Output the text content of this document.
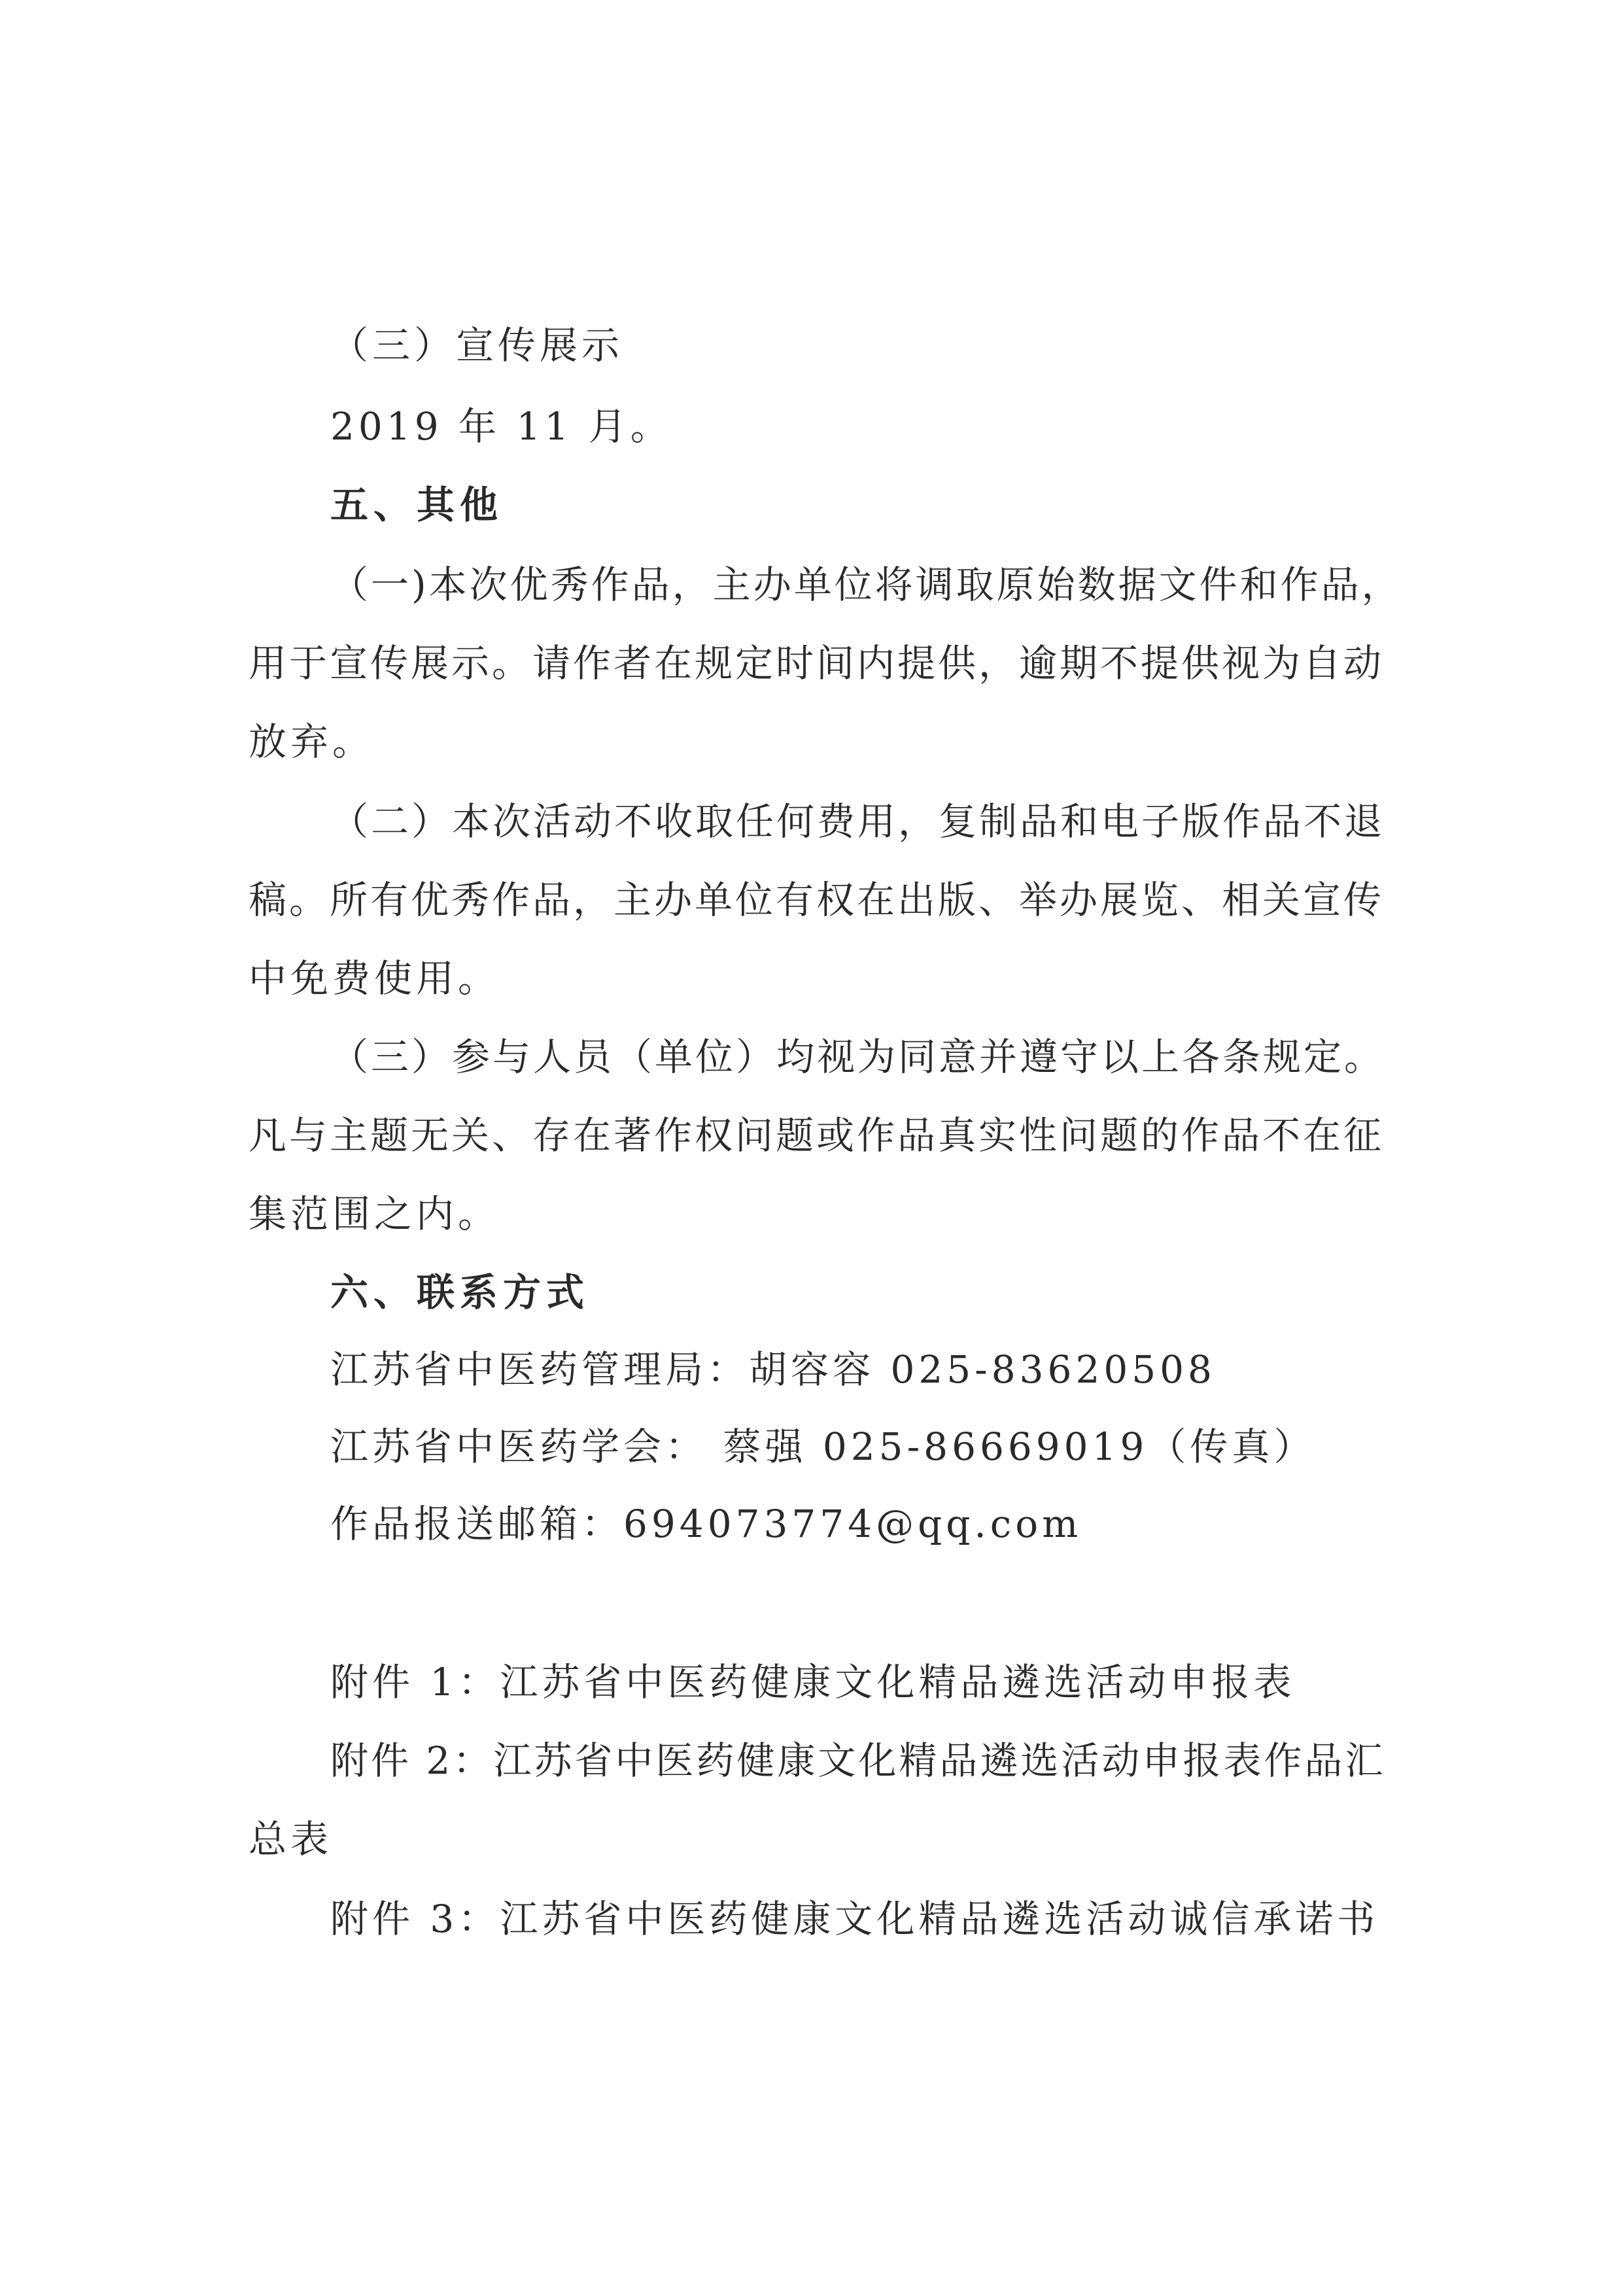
（三）宣传展示
2019 年 11 月。
五、其他
（一)本次优秀作品，主办单位将调取原始数据文件和作品，
用于宣传展示。请作者在规定时间内提供，逾期不提供视为自动
放弃。
（二）本次活动不收取任何费用，复制品和电子版作品不退
稿。所有优秀作品，主办单位有权在出版、举办展览、相关宣传
中免费使用。
（三）参与人员（单位）均视为同意并遵守以上各条规定。
凡与主题无关、存在著作权问题或作品真实性问题的作品不在征
集范围之内。
六、联系方式
江苏省中医药管理局：胡容容 025-83620508
江苏省中医药学会： 蔡强 025-86669019（传真）
作品报送邮箱：694073774@qq.com
附件 1：江苏省中医药健康文化精品遴选活动申报表
附件 2：江苏省中医药健康文化精品遴选活动申报表作品汇
总表
附件 3：江苏省中医药健康文化精品遴选活动诚信承诺书
